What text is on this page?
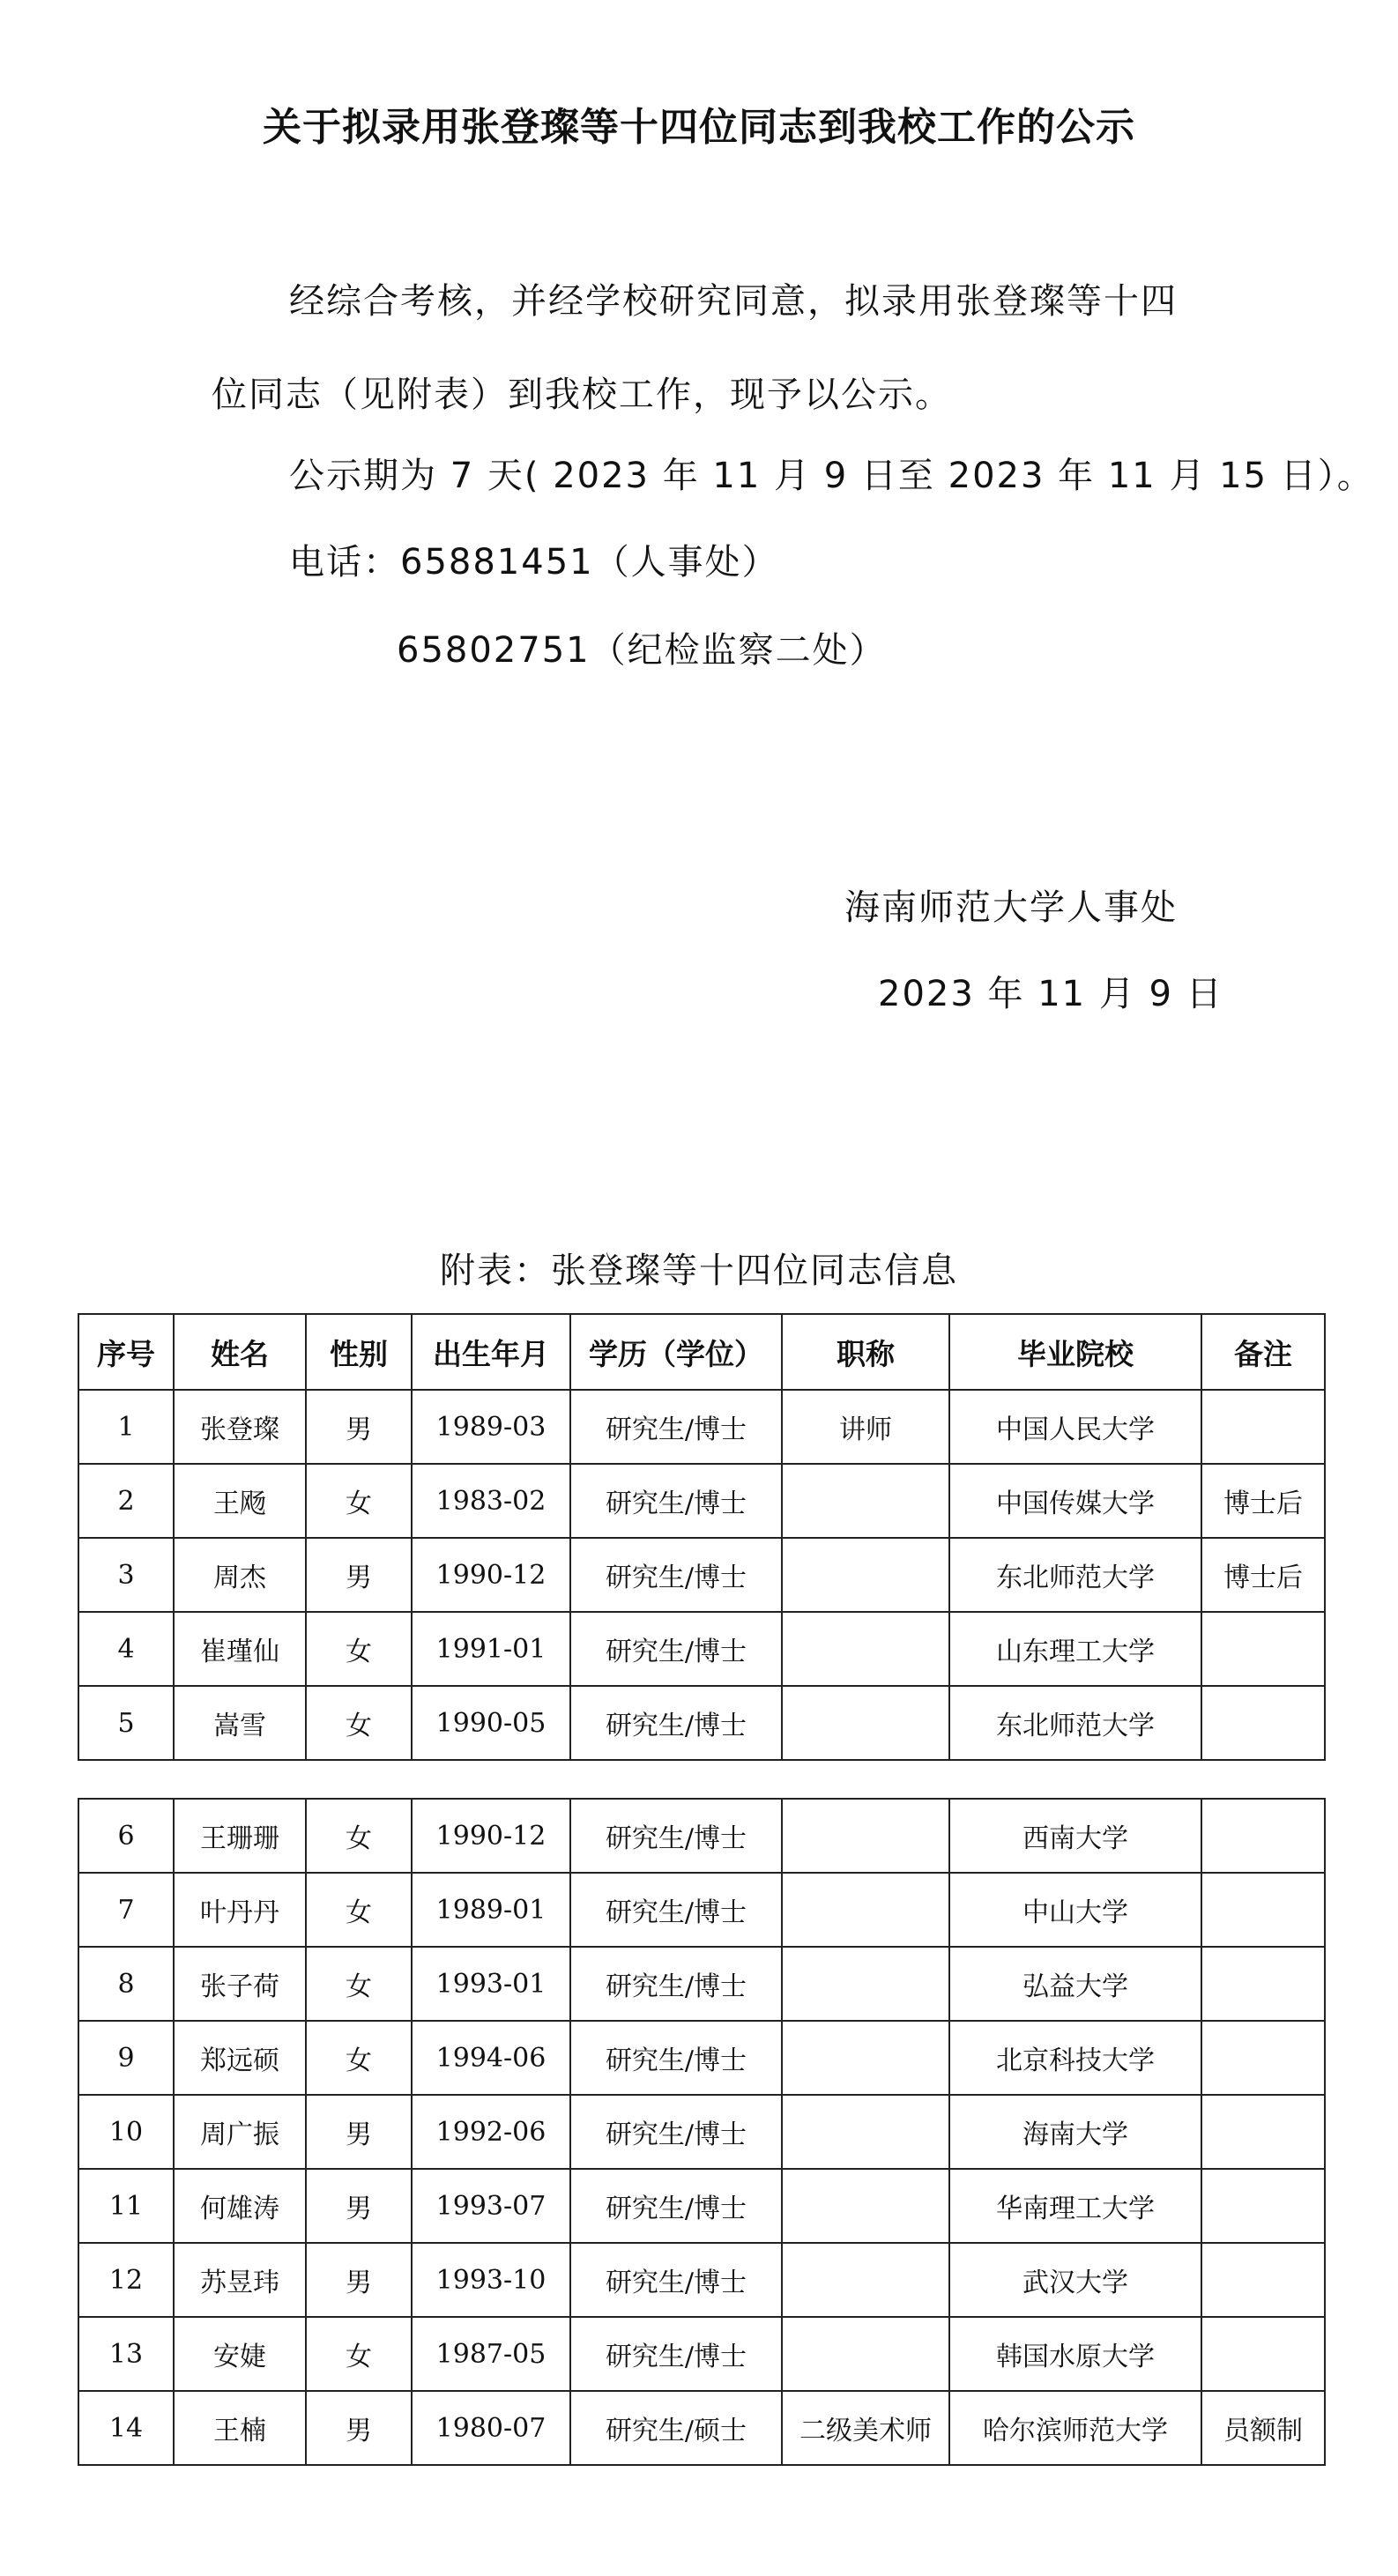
关于拟录用张登璨等十四位同志到我校工作的公示
经综合考核，并经学校研究同意，拟录用张登璨等十四
位同志（见附表）到我校工作，现予以公示。
公示期为 7 天( 2023 年 11 月 9 日至 2023 年 11 月 15 日）。
电话：65881451（人事处）
65802751（纪检监察二处）
海南师范大学人事处
2023 年 11 月 9 日
附表：张登璨等十四位同志信息
序号	姓名	性别	出生年月	学历（学位）	职称	毕业院校	备注
1	张登璨	男	1989-03	研究生/博士	讲师	中国人民大学	
2	王飏	女	1983-02	研究生/博士		中国传媒大学	博士后
3	周杰	男	1990-12	研究生/博士		东北师范大学	博士后
4	崔瑾仙	女	1991-01	研究生/博士		山东理工大学	
5	嵩雪	女	1990-05	研究生/博士		东北师范大学	
6	王珊珊	女	1990-12	研究生/博士		西南大学	
7	叶丹丹	女	1989-01	研究生/博士		中山大学	
8	张子荷	女	1993-01	研究生/博士		弘益大学	
9	郑远硕	女	1994-06	研究生/博士		北京科技大学	
10	周广振	男	1992-06	研究生/博士		海南大学	
11	何雄涛	男	1993-07	研究生/博士		华南理工大学	
12	苏昱玮	男	1993-10	研究生/博士		武汉大学	
13	安婕	女	1987-05	研究生/博士		韩国水原大学	
14	王楠	男	1980-07	研究生/硕士	二级美术师	哈尔滨师范大学	员额制
